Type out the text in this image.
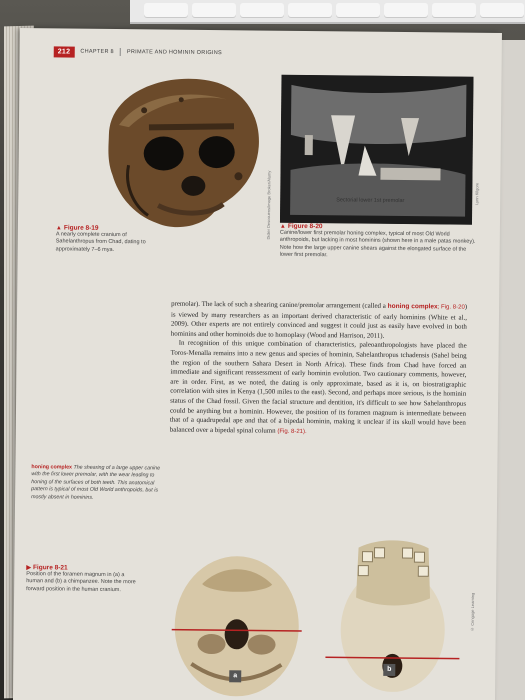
212	CHAPTER 8 PRIMATE AND HOMININ ORIGINS
Didier Descouens/Image Broker/Alamy	Lynn Kilgore
Sectorial lower 1st premolar
▲ Figure 8-19
A nearly complete cranium of Sahelanthropus from Chad, dating to approximately 7–6 mya.
▲ Figure 8-20
Canine/lower first premolar honing complex, typical of most Old World anthropoids, but lacking in most hominins (shown here in a male patas monkey). Note how the large upper canine shears against the elongated surface of the lower first premolar.

premolar). The lack of such a shearing canine/premolar arrangement (called a honing complex; Fig. 8-20) is viewed by many researchers as an important derived characteristic of early hominins (White et al., 2009). Other experts are not entirely convinced and suggest it could just as easily have evolved in both hominins and other hominoids due to homoplasy (Wood and Harrison, 2011).

In recognition of this unique combination of characteristics, paleoanthropologists have placed the Toros-Menalla remains into a new genus and species of hominin, Sahelanthropus tchadensis (Sahel being the region of the southern Sahara Desert in North Africa). These finds from Chad have forced an immediate and significant reassessment of early hominin evolution. Two cautionary comments, however, are in order. First, as we noted, the dating is only approximate, based as it is, on biostratigraphic correlation with sites in Kenya (1,500 miles to the east). Second, and perhaps more serious, is the hominin status of the Chad fossil. Given the facial structure and dentition, it's difficult to see how Sahelanthropus could be anything but a hominin. However, the position of its foramen magnum is intermediate between that of a quadrupedal ape and that of a bipedal hominin, making it unclear if its skull would have been balanced over a bipedal spinal column (Fig. 8-21).

honing complex The shearing of a large upper canine with the first lower premolar, with the wear leading to honing of the surfaces of both teeth. This anatomical pattern is typical of most Old World anthropoids, but is mostly absent in hominins.
▶ Figure 8-21
Position of the foramen magnum in (a) a human and (b) a chimpanzee. Note the more forward position in the human cranium.
a
b
© Cengage Learning
